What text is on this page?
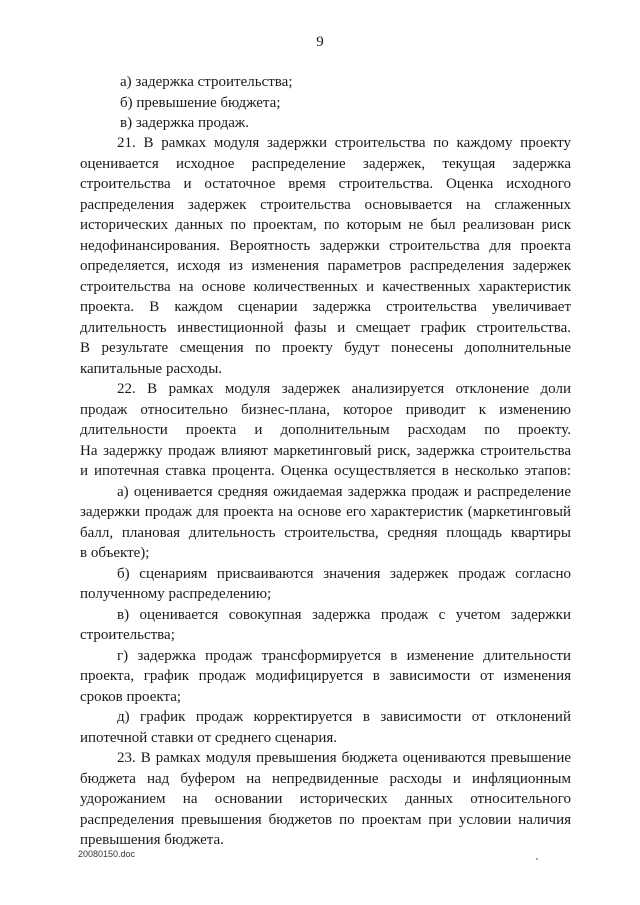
9
а) задержка строительства;
б) превышение бюджета;
в) задержка продаж.
21. В рамках модуля задержки строительства по каждому проекту
оценивается исходное распределение задержек, текущая задержка
строительства и остаточное время строительства. Оценка исходного
распределения задержек строительства основывается на сглаженных
исторических данных по проектам, по которым не был реализован риск
недофинансирования. Вероятность задержки строительства для проекта
определяется, исходя из изменения параметров распределения задержек
строительства на основе количественных и качественных характеристик
проекта. В каждом сценарии задержка строительства увеличивает
длительность инвестиционной фазы и смещает график строительства.
В результате смещения по проекту будут понесены дополнительные
капитальные расходы.
22. В рамках модуля задержек анализируется отклонение доли
продаж относительно бизнес-плана, которое приводит к изменению
длительности проекта и дополнительным расходам по проекту.
На задержку продаж влияют маркетинговый риск, задержка строительства
и ипотечная ставка процента. Оценка осуществляется в несколько этапов:
а) оценивается средняя ожидаемая задержка продаж и распределение
задержки продаж для проекта на основе его характеристик (маркетинговый
балл, плановая длительность строительства, средняя площадь квартиры
в объекте);
б) сценариям присваиваются значения задержек продаж согласно
полученному распределению;
в) оценивается совокупная задержка продаж с учетом задержки
строительства;
г) задержка продаж трансформируется в изменение длительности
проекта, график продаж модифицируется в зависимости от изменения
сроков проекта;
д) график продаж корректируется в зависимости от отклонений
ипотечной ставки от среднего сценария.
23. В рамках модуля превышения бюджета оцениваются превышение
бюджета над буфером на непредвиденные расходы и инфляционным
удорожанием на основании исторических данных относительного
распределения превышения бюджетов по проектам при условии наличия
превышения бюджета.
20080150.doc
